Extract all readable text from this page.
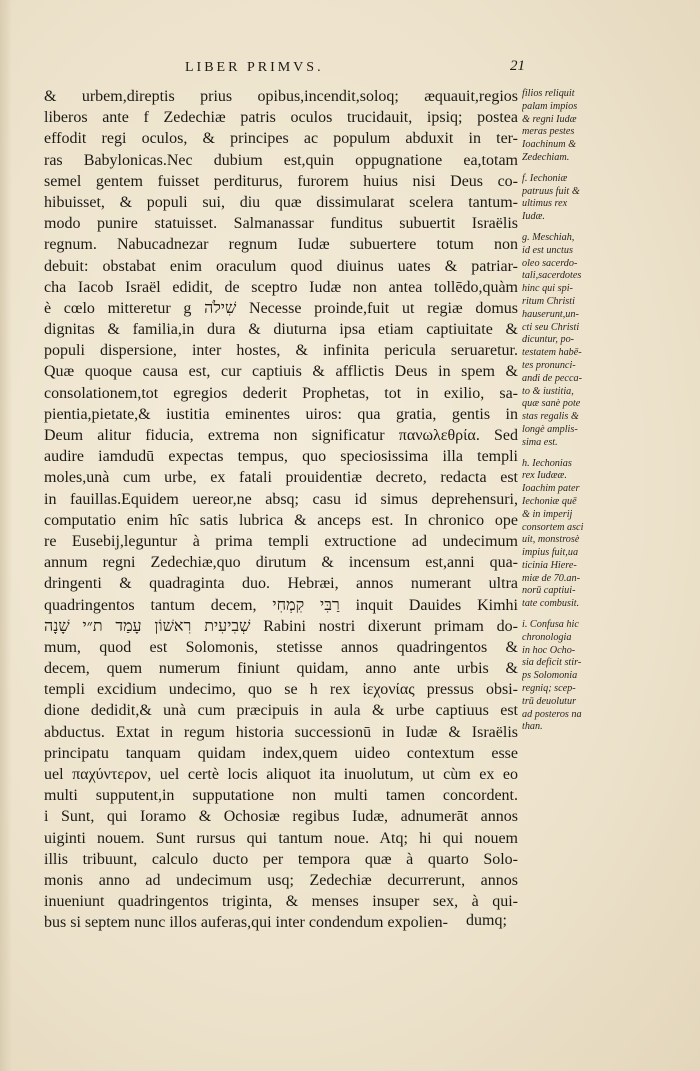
LIBER PRIMVS.	21
& urbem,direptis prius opibus,incendit,soloq; æquauit,regios
liberos ante f Zedechiæ patris oculos trucidauit, ipsiq; postea
effodit regi oculos, & principes ac populum abduxit in ter-
ras Babylonicas.Nec dubium est,quin oppugnatione ea,totam
semel gentem fuisset perditurus, furorem huius nisi Deus co-
hibuisset, & populi sui, diu quæ dissimularat scelera tantum-
modo punire statuisset. Salmanassar funditus subuertit Israëlis
regnum. Nabucadnezar regnum Iudæ subuertere totum non
debuit: obstabat enim oraculum quod diuinus uates & patriar-
cha Iacob Israël edidit, de sceptro Iudæ non antea tollēdo,quàm
è cœlo mitteretur g שִׁילֹה Necesse proinde,fuit ut regiæ domus
dignitas & familia,in dura & diuturna ipsa etiam captiuitate &
populi dispersione, inter hostes, & infinita pericula seruaretur.
Quæ quoque causa est, cur captiuis & afflictis Deus in spem &
consolationem,tot egregios dederit Prophetas, tot in exilio, sa-
pientia,pietate,& iustitia eminentes uiros: qua gratia, gentis in
Deum alitur fiducia, extrema non significatur πανωλεθρία. Sed
audire iamdudū expectas tempus, quo speciosissima illa templi
moles,unà cum urbe, ex fatali prouidentiæ decreto, redacta est
in fauillas.Equidem uereor,ne absq; casu id simus deprehensuri,
computatio enim hîc satis lubrica & anceps est. In chronico ope
re Eusebij,leguntur à prima templi extructione ad undecimum
annum regni Zedechiæ,quo dirutum & incensum est,anni qua-
dringenti & quadraginta duo. Hebræi, annos numerant ultra
quadringentos tantum decem, רַבִּי קִמְחִי inquit Dauides Kimhi
שְׁבִיעִית רִאשׁוֹן עָמַד ת״י שָׁנָה Rabini nostri dixerunt primam do-
mum, quod est Solomonis, stetisse annos quadringentos &
decem, quem numerum finiunt quidam, anno ante urbis &
templi excidium undecimo, quo se h rex ἰεχονίας pressus obsi-
dione dedidit,& unà cum præcipuis in aula & urbe captiuus est
abductus. Extat in regum historia successionū in Iudæ & Israëlis
principatu tanquam quidam index,quem uideo contextum esse
uel παχύντερον, uel certè locis aliquot ita inuolutum, ut cùm ex eo
multi supputent,in supputatione non multi tamen concordent.
i Sunt, qui Ioramo & Ochosiæ regibus Iudæ, adnumerāt annos
uiginti nouem. Sunt rursus qui tantum noue. Atq; hi qui nouem
illis tribuunt, calculo ducto per tempora quæ à quarto Solo-
monis anno ad undecimum usq; Zedechiæ decurrerunt, annos
inueniunt quadringentos triginta, & menses insuper sex, à qui-
bus si septem nunc illos auferas,qui inter condendum expolien-
filios reliquit
palam impios
& regni Iudæ
meras pestes
Ioachinum &
Zedechiam.
f. Iechoniæ
patruus fuit &
ultimus rex
Iudæ.
g. Meschiah,
id est unctus
oleo sacerdo-
tali,sacerdotes
hinc qui spi-
ritum Christi
hauserunt,un-
cti seu Christi
dicuntur, po-
testatem habē-
tes pronunci-
andi de pecca-
to & iustitia,
quæ sanè pote
stas regalis &
longè amplis-
sima est.
h. Iechonias
rex Iudææ.
Ioachim pater
Iechoniæ quē
& in imperij
consortem asci
uit, monstrosè
impius fuit,ua
ticinia Hiere-
miæ de 70.an-
norū captiui-
tate combusit.
i. Confusa hic
chronologia
in hoc Ocho-
sia deficit stir-
ps Solomonia
regniq; scep-
trū deuolutur
ad posteros na
than.
dumq;
